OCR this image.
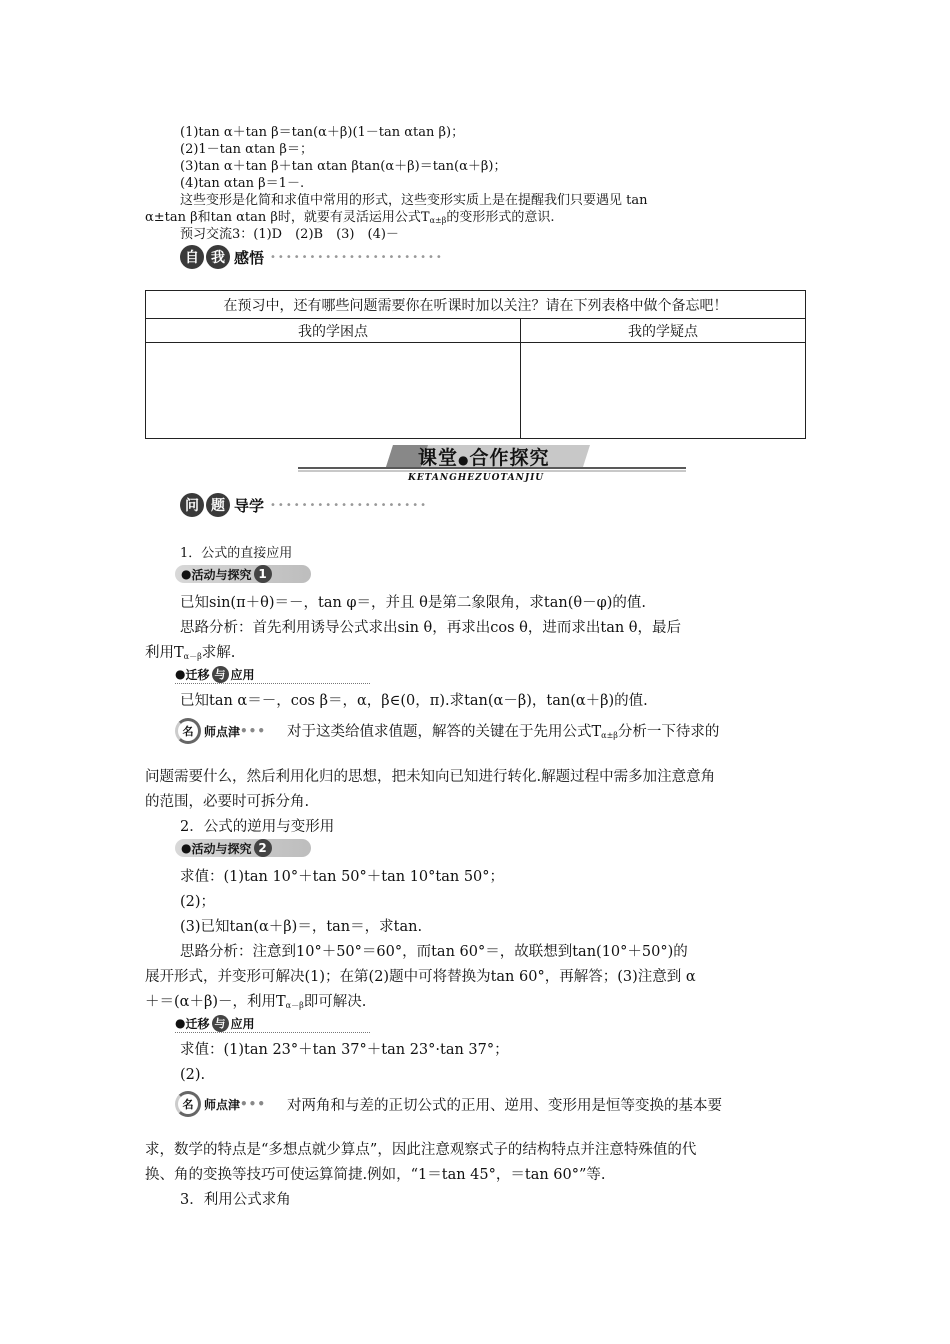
(1)tan α＋tan β＝tan(α＋β)(1－tan αtan β)；
(2)1－tan αtan β＝；
(3)tan α＋tan β＋tan αtan βtan(α＋β)＝tan(α＋β)；
(4)tan αtan β＝1－.
这些变形是化简和求值中常用的形式，这些变形实质上是在提醒我们只要遇见 tan
α±tan β和tan αtan β时，就要有灵活运用公式$T_{\alpha\pm\beta}$的变形形式的意识.
预习交流3：(1)D　(2)B　(3)　(4)－
自 我 感悟 ••••••••••••••••••••••
在预习中，还有哪些问题需要你在听课时加以关注？请在下列表格中做个备忘吧！	
我的学困点	我的学疑点

课堂●合作探究
KETANGHEZUOTANJIU
问 题 导学 ••••••••••••••••••••
1．公式的直接应用
● 活动与探究 1
已知sin(π＋θ)＝－，tan φ＝，并且 θ是第二象限角，求tan(θ－φ)的值.
思路分析：首先利用诱导公式求出sin θ，再求出cos θ，进而求出tan θ，最后
利用$T_{\alpha-\beta}$求解.
● 迁移 与 应用
已知tan α＝－，cos β＝，α，β∈(0，π).求tan(α－β)，tan(α＋β)的值.
名 师点津 ••• 对于这类给值求值题，解答的关键在于先用公式$T_{\alpha\pm\beta}$分析一下待求的
问题需要什么，然后利用化归的思想，把未知向已知进行转化.解题过程中需多加注意意角
的范围，必要时可拆分角.
2．公式的逆用与变形用
● 活动与探究 2
求值：(1)tan 10°＋tan 50°＋tan 10°tan 50°；
(2)；
(3)已知tan(α＋β)＝，tan＝，求tan.
思路分析：注意到10°＋50°＝60°，而tan 60°＝，故联想到tan(10°＋50°)的
展开形式，并变形可解决(1)；在第(2)题中可将替换为tan 60°，再解答；(3)注意到 α
＋＝(α＋β)－，利用$T_{\alpha-\beta}$即可解决.
● 迁移 与 应用
求值：(1)tan 23°＋tan 37°＋tan 23°·tan 37°；
(2).
名 师点津 ••• 对两角和与差的正切公式的正用、逆用、变形用是恒等变换的基本要
求，数学的特点是“多想点就少算点”，因此注意观察式子的结构特点并注意特殊值的代
换、角的变换等技巧可使运算简捷.例如，“1＝tan 45°，＝tan 60°”等.
3．利用公式求角
